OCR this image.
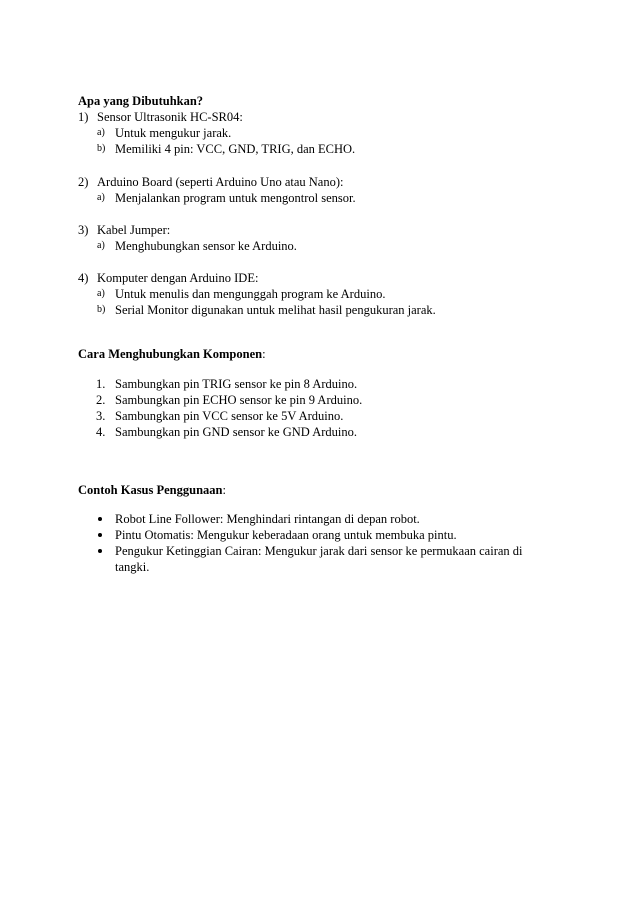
Apa yang Dibutuhkan?
1) Sensor Ultrasonik HC-SR04:
a) Untuk mengukur jarak.
b) Memiliki 4 pin: VCC, GND, TRIG, dan ECHO.
2) Arduino Board (seperti Arduino Uno atau Nano):
a) Menjalankan program untuk mengontrol sensor.
3) Kabel Jumper:
a) Menghubungkan sensor ke Arduino.
4) Komputer dengan Arduino IDE:
a) Untuk menulis dan mengunggah program ke Arduino.
b) Serial Monitor digunakan untuk melihat hasil pengukuran jarak.
Cara Menghubungkan Komponen:
1. Sambungkan pin TRIG sensor ke pin 8 Arduino.
2. Sambungkan pin ECHO sensor ke pin 9 Arduino.
3. Sambungkan pin VCC sensor ke 5V Arduino.
4. Sambungkan pin GND sensor ke GND Arduino.
Contoh Kasus Penggunaan:
Robot Line Follower: Menghindari rintangan di depan robot.
Pintu Otomatis: Mengukur keberadaan orang untuk membuka pintu.
Pengukur Ketinggian Cairan: Mengukur jarak dari sensor ke permukaan cairan di tangki.
